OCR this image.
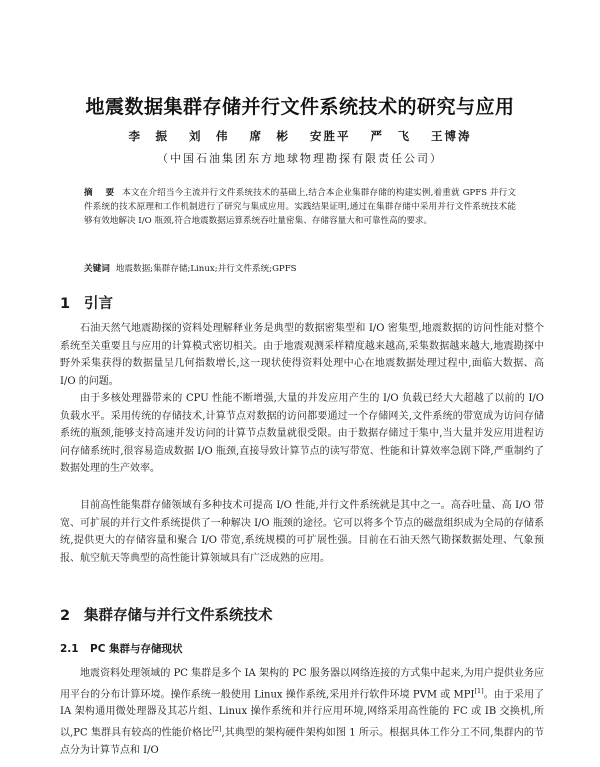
地震数据集群存储并行文件系统技术的研究与应用
李　振 刘　伟 席　彬 安胜平 严　飞 王博涛
（中国石油集团东方地球物理勘探有限责任公司）
摘　要 本文在介绍当今主流并行文件系统技术的基础上,结合本企业集群存储的构建实例,着重就 GPFS 并行文件系统的技术原理和工作机制进行了研究与集成应用。实践结果证明,通过在集群存储中采用并行文件系统技术能够有效地解决 I/O 瓶颈,符合地震数据运算系统吞吐量密集、存储容量大和可靠性高的要求。
关键词 地震数据;集群存储;Linux;并行文件系统;GPFS
1 引言

石油天然气地震勘探的资料处理解释业务是典型的数据密集型和 I/O 密集型,地震数据的访问性能对整个系统至关重要且与应用的计算模式密切相关。由于地震观测采样精度越来越高,采集数据越来越大,地震勘探中野外采集获得的数据量呈几何指数增长,这一现状使得资料处理中心在地震数据处理过程中,面临大数据、高 I/O 的问题。

由于多核处理器带来的 CPU 性能不断增强,大量的并发应用产生的 I/O 负载已经大大超越了以前的 I/O 负载水平。采用传统的存储技术,计算节点对数据的访问都要通过一个存储网关,文件系统的带宽成为访问存储系统的瓶颈,能够支持高速并发访问的计算节点数量就很受限。由于数据存储过于集中,当大量并发应用进程访问存储系统时,很容易造成数据 I/O 瓶颈,直接导致计算节点的读写带宽、性能和计算效率急剧下降,严重制约了数据处理的生产效率。

目前高性能集群存储领域有多种技术可提高 I/O 性能,并行文件系统就是其中之一。高吞吐量、高 I/O 带宽、可扩展的并行文件系统提供了一种解决 I/O 瓶颈的途径。它可以将多个节点的磁盘组织成为全局的存储系统,提供更大的存储容量和聚合 I/O 带宽,系统规模的可扩展性强。目前在石油天然气勘探数据处理、气象预报、航空航天等典型的高性能计算领域具有广泛成熟的应用。

2 集群存储与并行文件系统技术
2.1 PC 集群与存储现状

地震资料处理领域的 PC 集群是多个 IA 架构的 PC 服务器以网络连接的方式集中起来,为用户提供业务应用平台的分布计算环境。操作系统一般使用 Linux 操作系统,采用并行软件环境 PVM 或 MPI[1]。由于采用了 IA 架构通用微处理器及其芯片组、Linux 操作系统和并行应用环境,网络采用高性能的 FC 或 IB 交换机,所以,PC 集群具有较高的性能价格比[2],其典型的架构硬件架构如图 1 所示。根据具体工作分工不同,集群内的节点分为计算节点和 I/O
